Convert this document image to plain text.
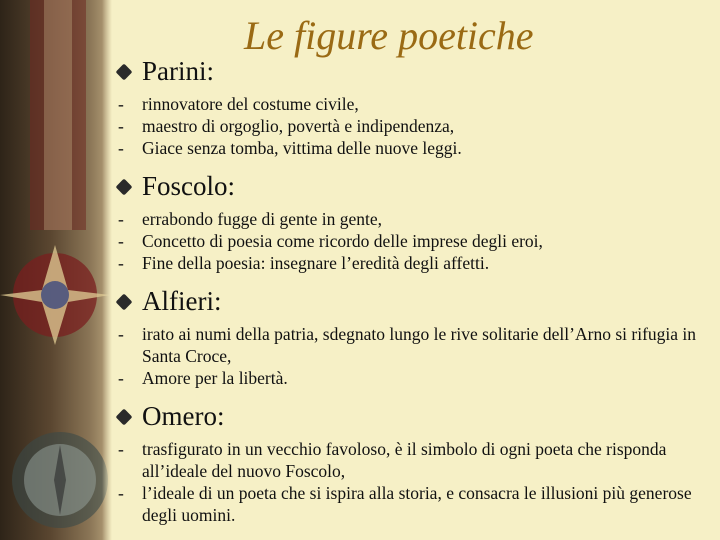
Le figure poetiche
Parini:
-	rinnovatore del costume civile,
-	maestro di orgoglio, povertà e indipendenza,
-	Giace senza tomba, vittima delle nuove leggi.
Foscolo:
-	errabondo fugge di gente in gente,
-	Concetto di poesia come ricordo delle imprese degli eroi,
-	Fine della poesia: insegnare l’eredità degli affetti.
Alfieri:
-	irato ai numi della patria, sdegnato lungo le rive solitarie dell’Arno si rifugia in Santa Croce,
-	Amore per la libertà.
Omero:
-	trasfigurato in un vecchio favoloso, è il simbolo di ogni poeta che risponda all’ideale del nuovo Foscolo,
-	l’ideale di un poeta che si ispira alla storia, e consacra le illusioni più generose degli uomini.
